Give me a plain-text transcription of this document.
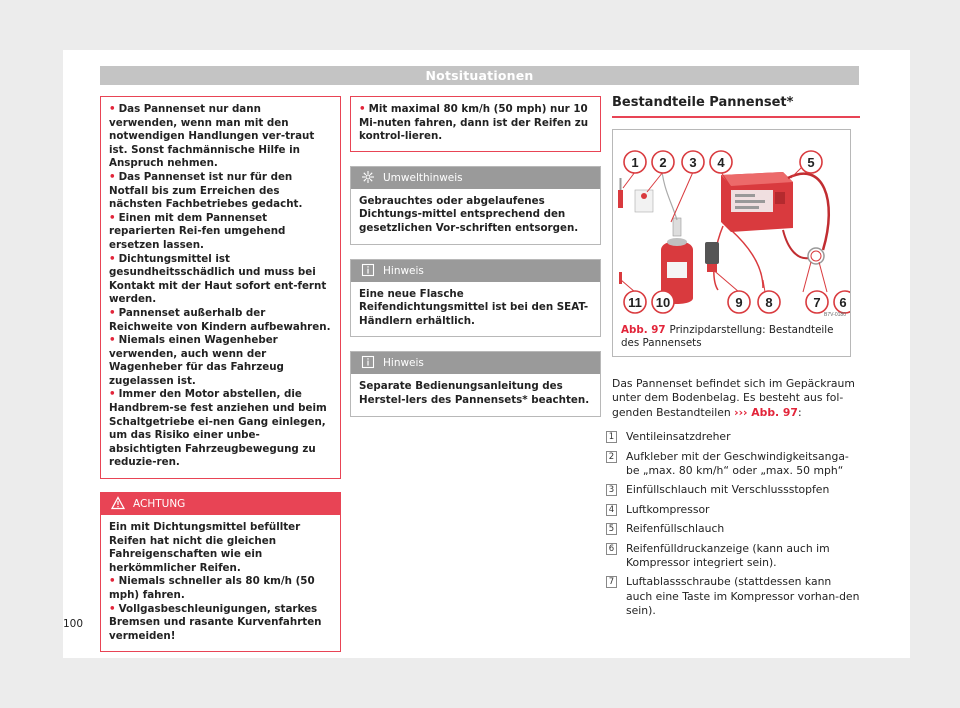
Notsituationen
• Das Pannenset nur dann verwenden, wenn man mit den notwendigen Handlungen ver-traut ist. Sonst fachmännische Hilfe in Anspruch nehmen.
• Das Pannenset ist nur für den Notfall bis zum Erreichen des nächsten Fachbetriebes gedacht.
• Einen mit dem Pannenset reparierten Rei-fen umgehend ersetzen lassen.
• Dichtungsmittel ist gesundheitsschädlich und muss bei Kontakt mit der Haut sofort ent-fernt werden.
• Pannenset außerhalb der Reichweite von Kindern aufbewahren.
• Niemals einen Wagenheber verwenden, auch wenn der Wagenheber für das Fahrzeug zugelassen ist.
• Immer den Motor abstellen, die Handbrem-se fest anziehen und beim Schaltgetriebe ei-nen Gang einlegen, um das Risiko einer unbe-absichtigten Fahrzeugbewegung zu reduzie-ren.
ACHTUNG
Ein mit Dichtungsmittel befüllter Reifen hat nicht die gleichen Fahreigenschaften wie ein herkömmlicher Reifen.
• Niemals schneller als 80 km/h (50 mph) fahren.
• Vollgasbeschleunigungen, starkes Bremsen und rasante Kurvenfahrten vermeiden!
• Mit maximal 80 km/h (50 mph) nur 10 Mi-nuten fahren, dann ist der Reifen zu kontrol-lieren.
Umwelthinweis
Gebrauchtes oder abgelaufenes Dichtungs-mittel entsprechend den gesetzlichen Vor-schriften entsorgen.
Hinweis
Eine neue Flasche Reifendichtungsmittel ist bei den SEAT-Händlern erhältlich.
Hinweis
Separate Bedienungsanleitung des Herstel-lers des Pannensets* beachten.
Bestandteile Pannenset*
1 2 3 4	5
11 10	9 8	7 6
B7V-0180
Abb. 97 Prinzipdarstellung: Bestandteile des Pannensets
Das Pannenset befindet sich im Gepäckraum unter dem Bodenbelag. Es besteht aus fol-genden Bestandteilen ››› Abb. 97:
1 Ventileinsatzdreher
2 Aufkleber mit der Geschwindigkeitsanga-be „max. 80 km/h“ oder „max. 50 mph“
3 Einfüllschlauch mit Verschlussstopfen
4 Luftkompressor
5 Reifenfüllschlauch
6 Reifenfülldruckanzeige (kann auch im Kompressor integriert sein).
7 Luftablassschraube (stattdessen kann auch eine Taste im Kompressor vorhan-den sein).
100
